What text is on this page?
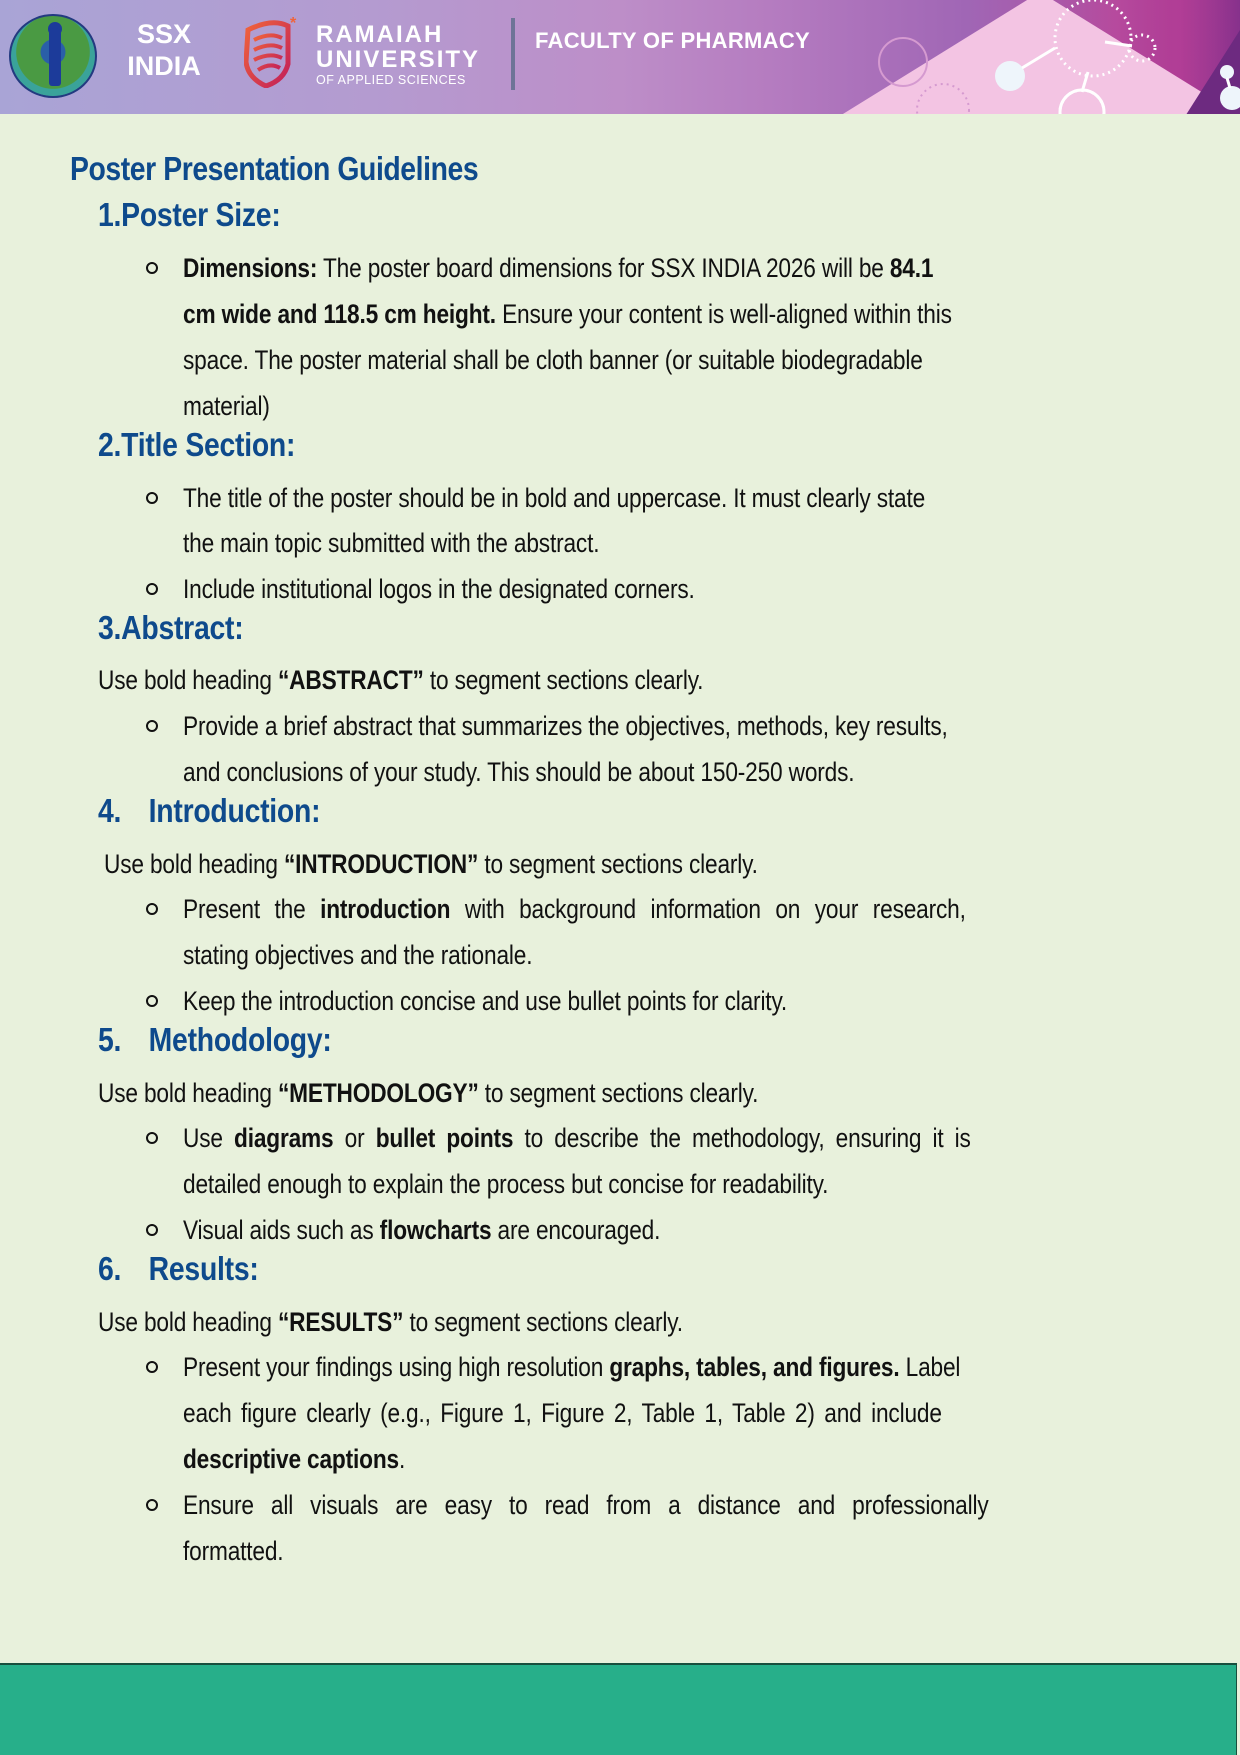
SSX
INDIA
* RAMAIAH
UNIVERSITY
OF APPLIED SCIENCES
FACULTY OF PHARMACY
Poster Presentation Guidelines
1.Poster Size:
Dimensions: The poster board dimensions for SSX INDIA 2026 will be 84.1
cm wide and 118.5 cm height. Ensure your content is well-aligned within this
space. The poster material shall be cloth banner (or suitable biodegradable
material)
2.Title Section:
The title of the poster should be in bold and uppercase. It must clearly state
the main topic submitted with the abstract.
Include institutional logos in the designated corners.
3.Abstract:
Use bold heading “ABSTRACT” to segment sections clearly.
Provide a brief abstract that summarizes the objectives, methods, key results,
and conclusions of your study. This should be about 150-250 words.
4. Introduction:
Use bold heading “INTRODUCTION” to segment sections clearly.
Present the introduction with background information on your research,
stating objectives and the rationale.
Keep the introduction concise and use bullet points for clarity.
5. Methodology:
Use bold heading “METHODOLOGY” to segment sections clearly.
Use diagrams or bullet points to describe the methodology, ensuring it is
detailed enough to explain the process but concise for readability.
Visual aids such as flowcharts are encouraged.
6. Results:
Use bold heading “RESULTS” to segment sections clearly.
Present your findings using high resolution graphs, tables, and figures. Label
each figure clearly (e.g., Figure 1, Figure 2, Table 1, Table 2) and include
descriptive captions.
Ensure all visuals are easy to read from a distance and professionally
formatted.
